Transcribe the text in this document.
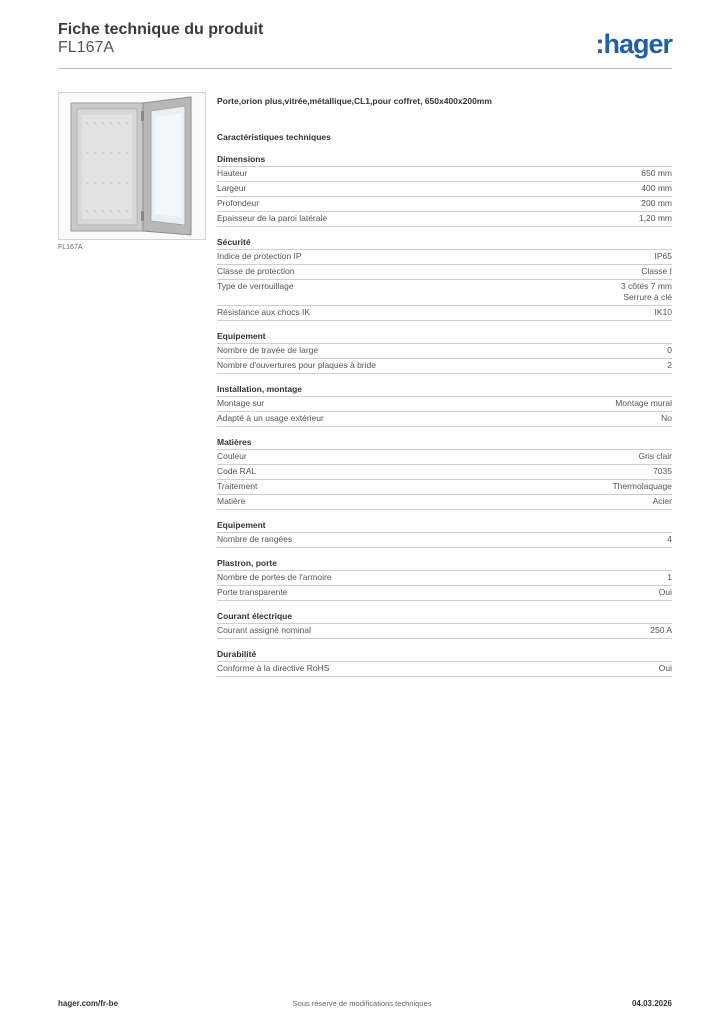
Fiche technique du produit
FL167A	:hager
FL167A
Porte,orion plus,vitrée,métallique,CL1,pour coffret, 650x400x200mm
Caractéristiques techniques
Dimensions
Hauteur	650 mm
Largeur	400 mm
Profondeur	200 mm
Epaisseur de la paroi latérale	1,20 mm
Sécurité
Indice de protection IP	IP65
Classe de protection	Classe I
Type de verrouillage	3 côtés 7 mm
Serrure à clé
Résistance aux chocs IK	IK10
Equipement
Nombre de travée de large	0
Nombre d'ouvertures pour plaques à bride	2
Installation, montage
Montage sur	Montage mural
Adapté à un usage extérieur	No
Matières
Couleur	Gris clair
Code RAL	7035
Traitement	Thermolaquage
Matière	Acier
Equipement
Nombre de rangées	4
Plastron, porte
Nombre de portes de l'armoire	1
Porte transparente	Oui
Courant électrique
Courant assigné nominal	250 A
Durabilité
Conforme à la directive RoHS	Oui
hager.com/fr-be	Sous réserve de modifications techniques	04.03.2026
